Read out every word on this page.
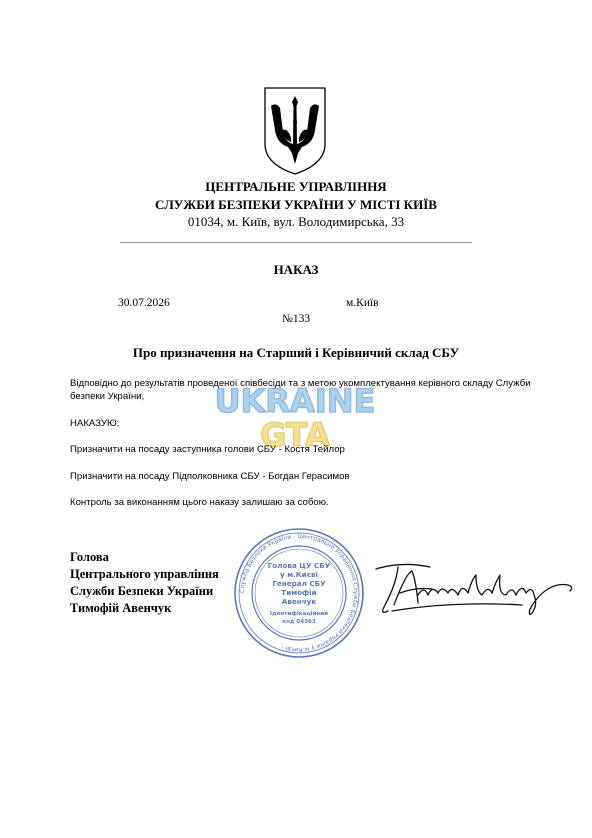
ЦЕНТРАЛЬНЕ УПРАВЛІННЯ
СЛУЖБИ БЕЗПЕКИ УКРАЇНИ У МІСТІ КИЇВ
01034, м. Київ, вул. Володимирська, 33
НАКАЗ
30.07.2026	м.Київ
№133
Про призначення на Старший і Керівничий склад СБУ
UKRAINE
GTA
Відповідно до результатів проведеної співбесіди та з метою укомплектування керівного складу Служби безпеки України,
НАКАЗУЮ:
Призначити на посаду заступника голови СБУ - Костя Тейлор
Призначити на посаду Підполковника СБУ - Богдан Герасимов
Контроль за виконанням цього наказу залишаю за собою.
Голова
Центрального управління
Служби Безпеки України
Тимофій Авенчук
Служба Безпеки України · Центральне Управління Служби Безпеки України у м.Києві ·
Голова ЦУ СБУ
у м.Києві
Генерал СБУ
Тимофій
Авенчук
Ідентифікаційний
код 04363
